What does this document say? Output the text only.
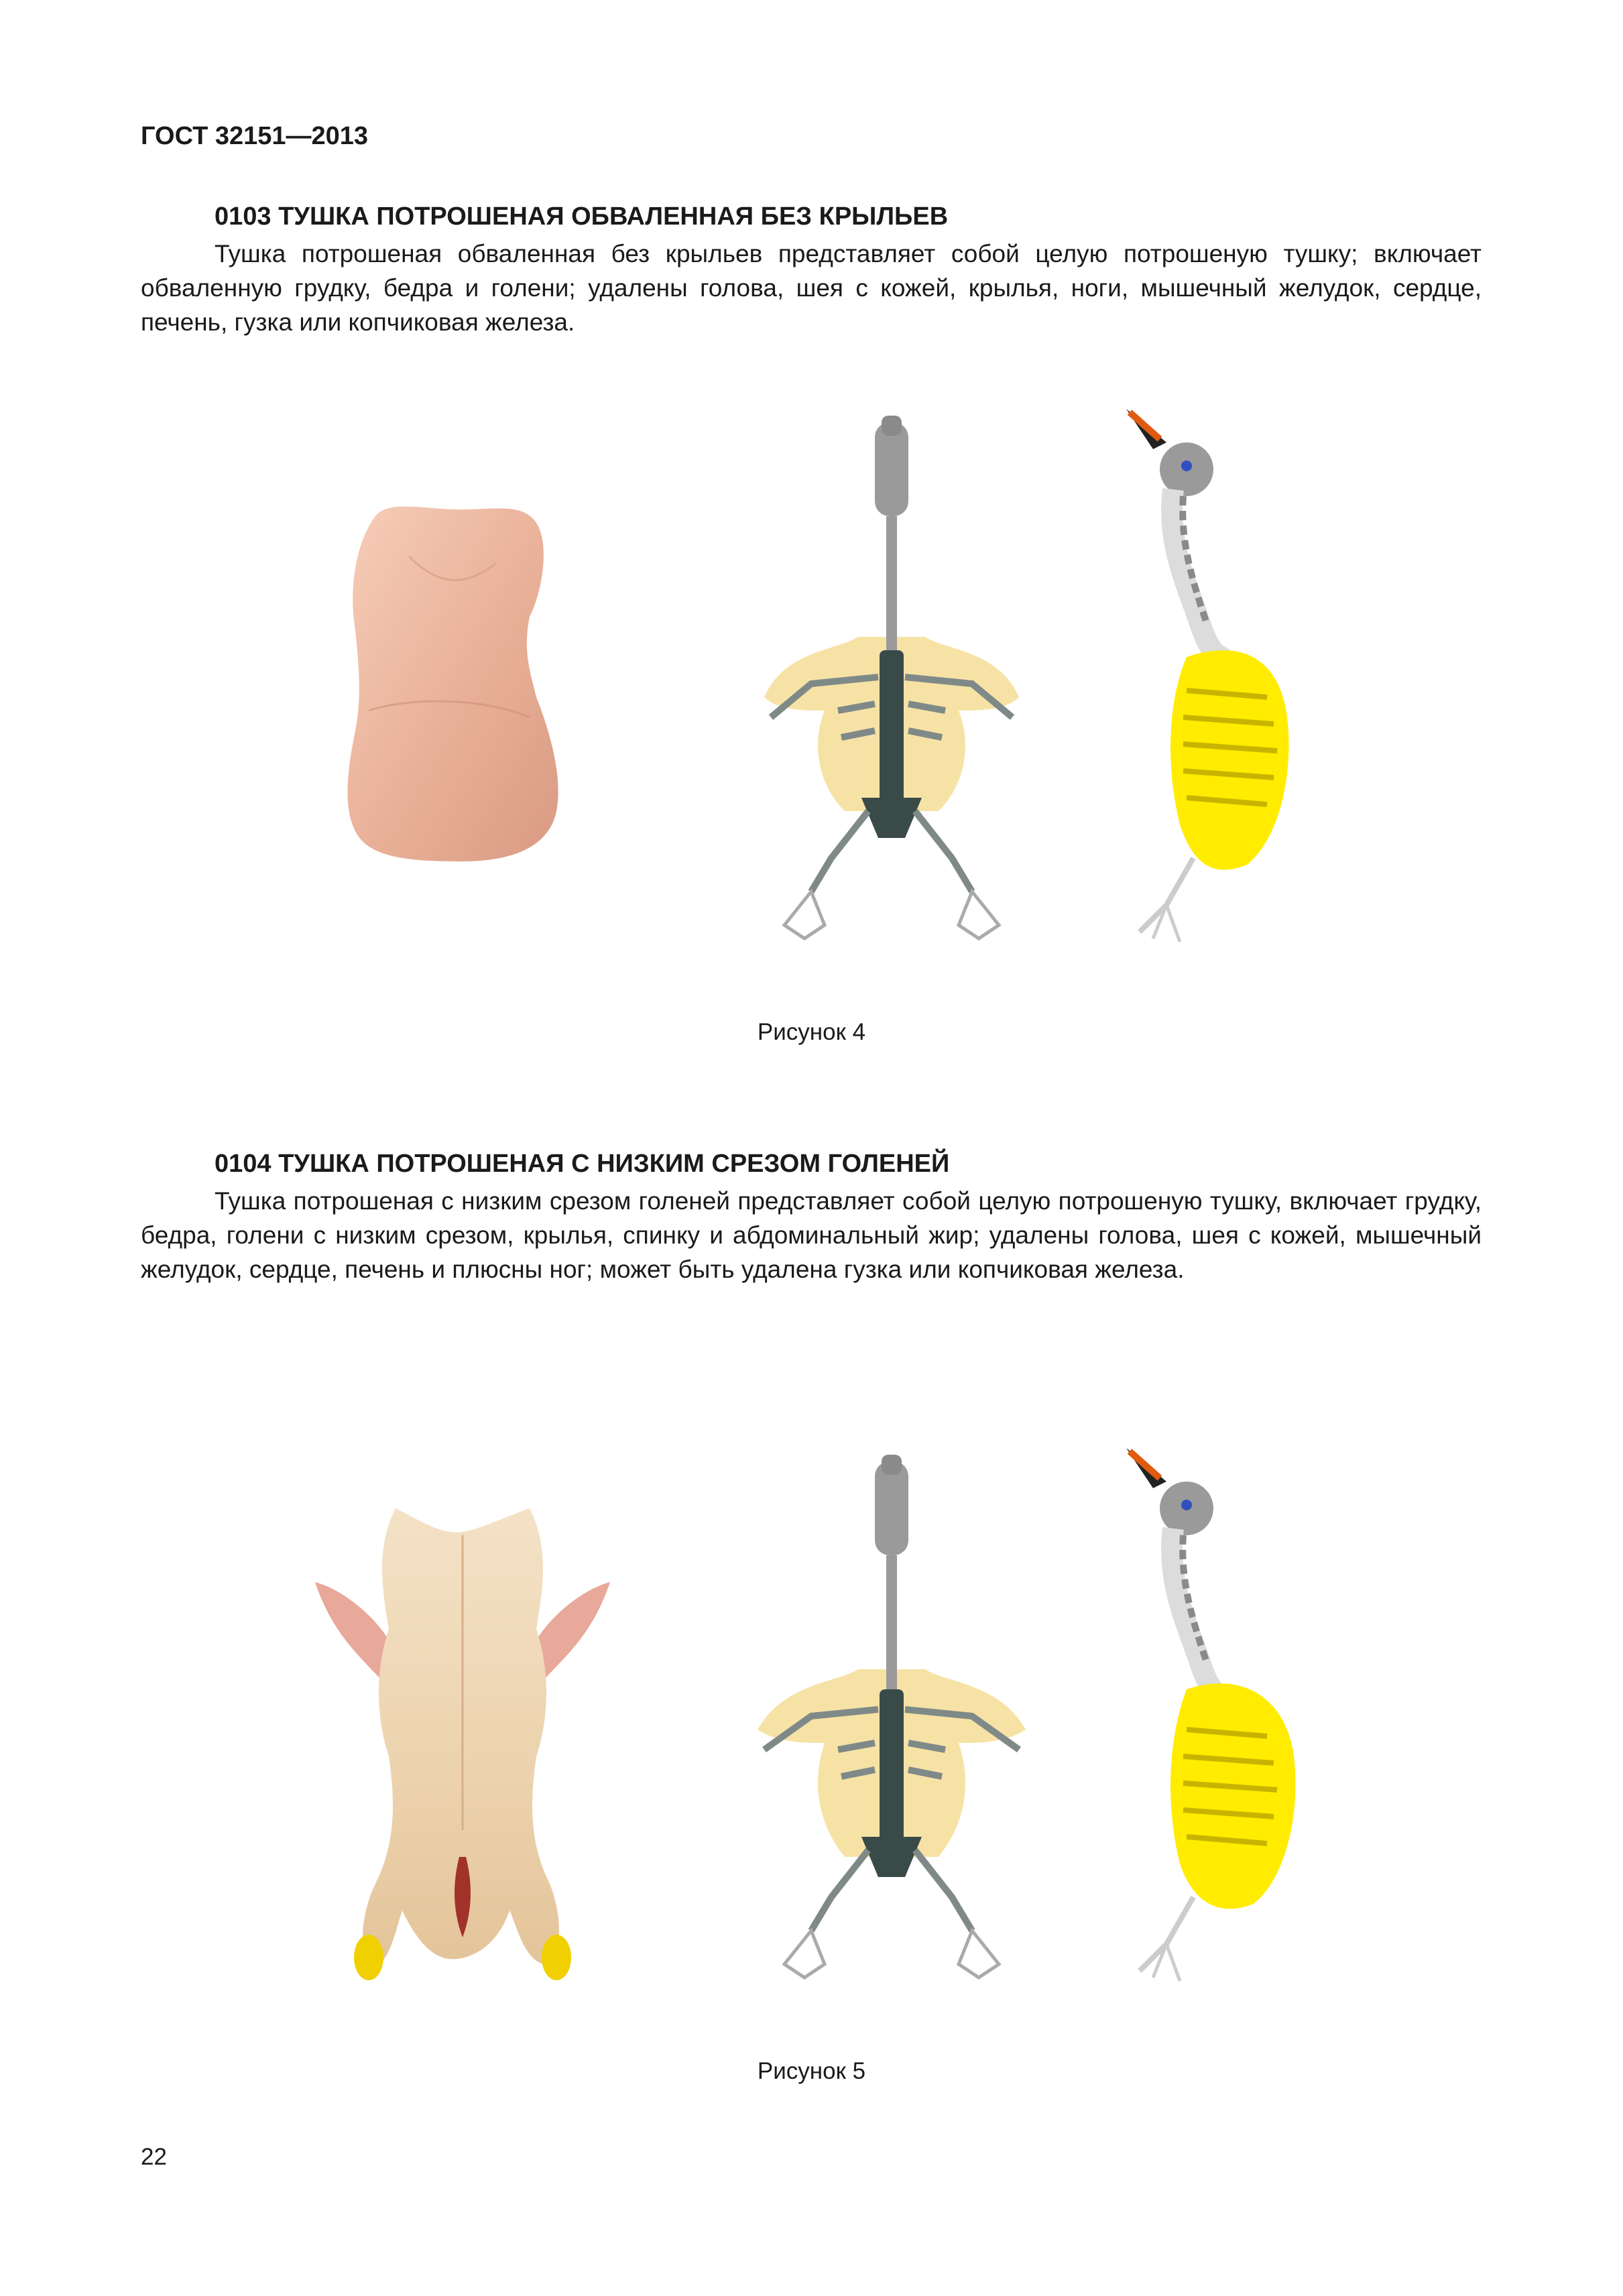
ГОСТ 32151—2013
0103 ТУШКА ПОТРОШЕНАЯ ОБВАЛЕННАЯ БЕЗ КРЫЛЬЕВ

Тушка потрошеная обваленная без крыльев представляет собой целую потрошеную тушку; включает обваленную грудку, бедра и голени; удалены голова, шея с кожей, крылья, ноги, мышечный желудок, сердце, печень, гузка или копчиковая железа.

Рисунок 4
0104 ТУШКА ПОТРОШЕНАЯ С НИЗКИМ СРЕЗОМ ГОЛЕНЕЙ

Тушка потрошеная с низким срезом голеней представляет собой целую потрошеную тушку, включает грудку, бедра, голени с низким срезом, крылья, спинку и абдоминальный жир; удалены голова, шея с кожей, мышечный желудок, сердце, печень и плюсны ног; может быть удалена гузка или копчиковая железа.

Рисунок 5
22
